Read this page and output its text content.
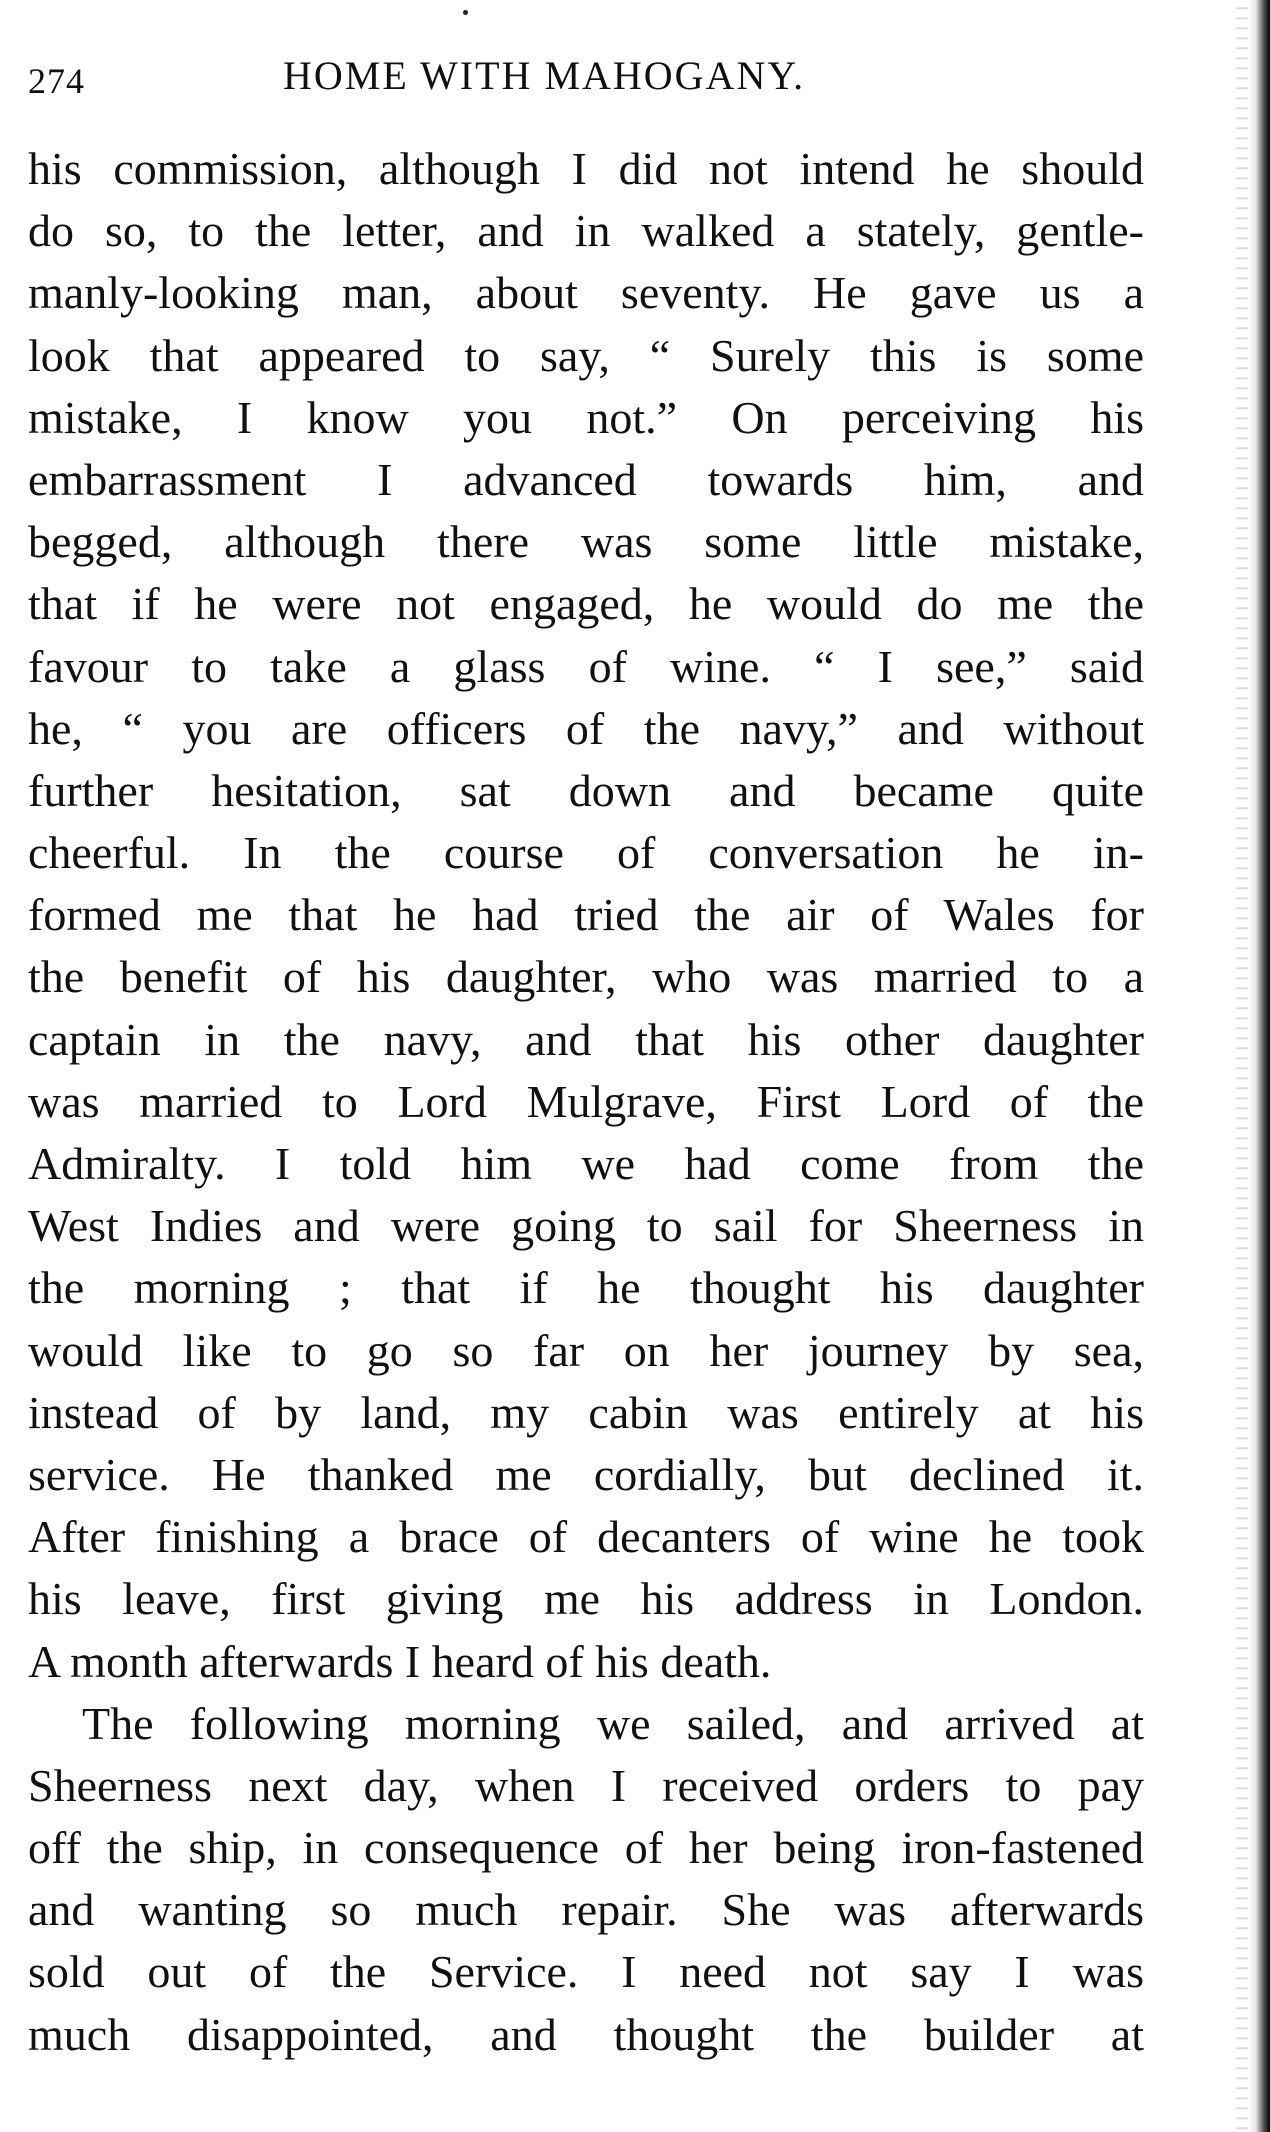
274	HOME WITH MAHOGANY.
his commission, although I did not intend he should
do so, to the letter, and in walked a stately, gentle-
manly-looking man, about seventy. He gave us a
look that appeared to say, “ Surely this is some
mistake, I know you not.” On perceiving his
embarrassment I advanced towards him, and
begged, although there was some little mistake,
that if he were not engaged, he would do me the
favour to take a glass of wine. “ I see,” said
he, “ you are officers of the navy,” and without
further hesitation, sat down and became quite
cheerful. In the course of conversation he in-
formed me that he had tried the air of Wales for
the benefit of his daughter, who was married to a
captain in the navy, and that his other daughter
was married to Lord Mulgrave, First Lord of the
Admiralty. I told him we had come from the
West Indies and were going to sail for Sheerness in
the morning ; that if he thought his daughter
would like to go so far on her journey by sea,
instead of by land, my cabin was entirely at his
service. He thanked me cordially, but declined it.
After finishing a brace of decanters of wine he took
his leave, first giving me his address in London.
A month afterwards I heard of his death.
The following morning we sailed, and arrived at
Sheerness next day, when I received orders to pay
off the ship, in consequence of her being iron-fastened
and wanting so much repair. She was afterwards
sold out of the Service. I need not say I was
much disappointed, and thought the builder at
